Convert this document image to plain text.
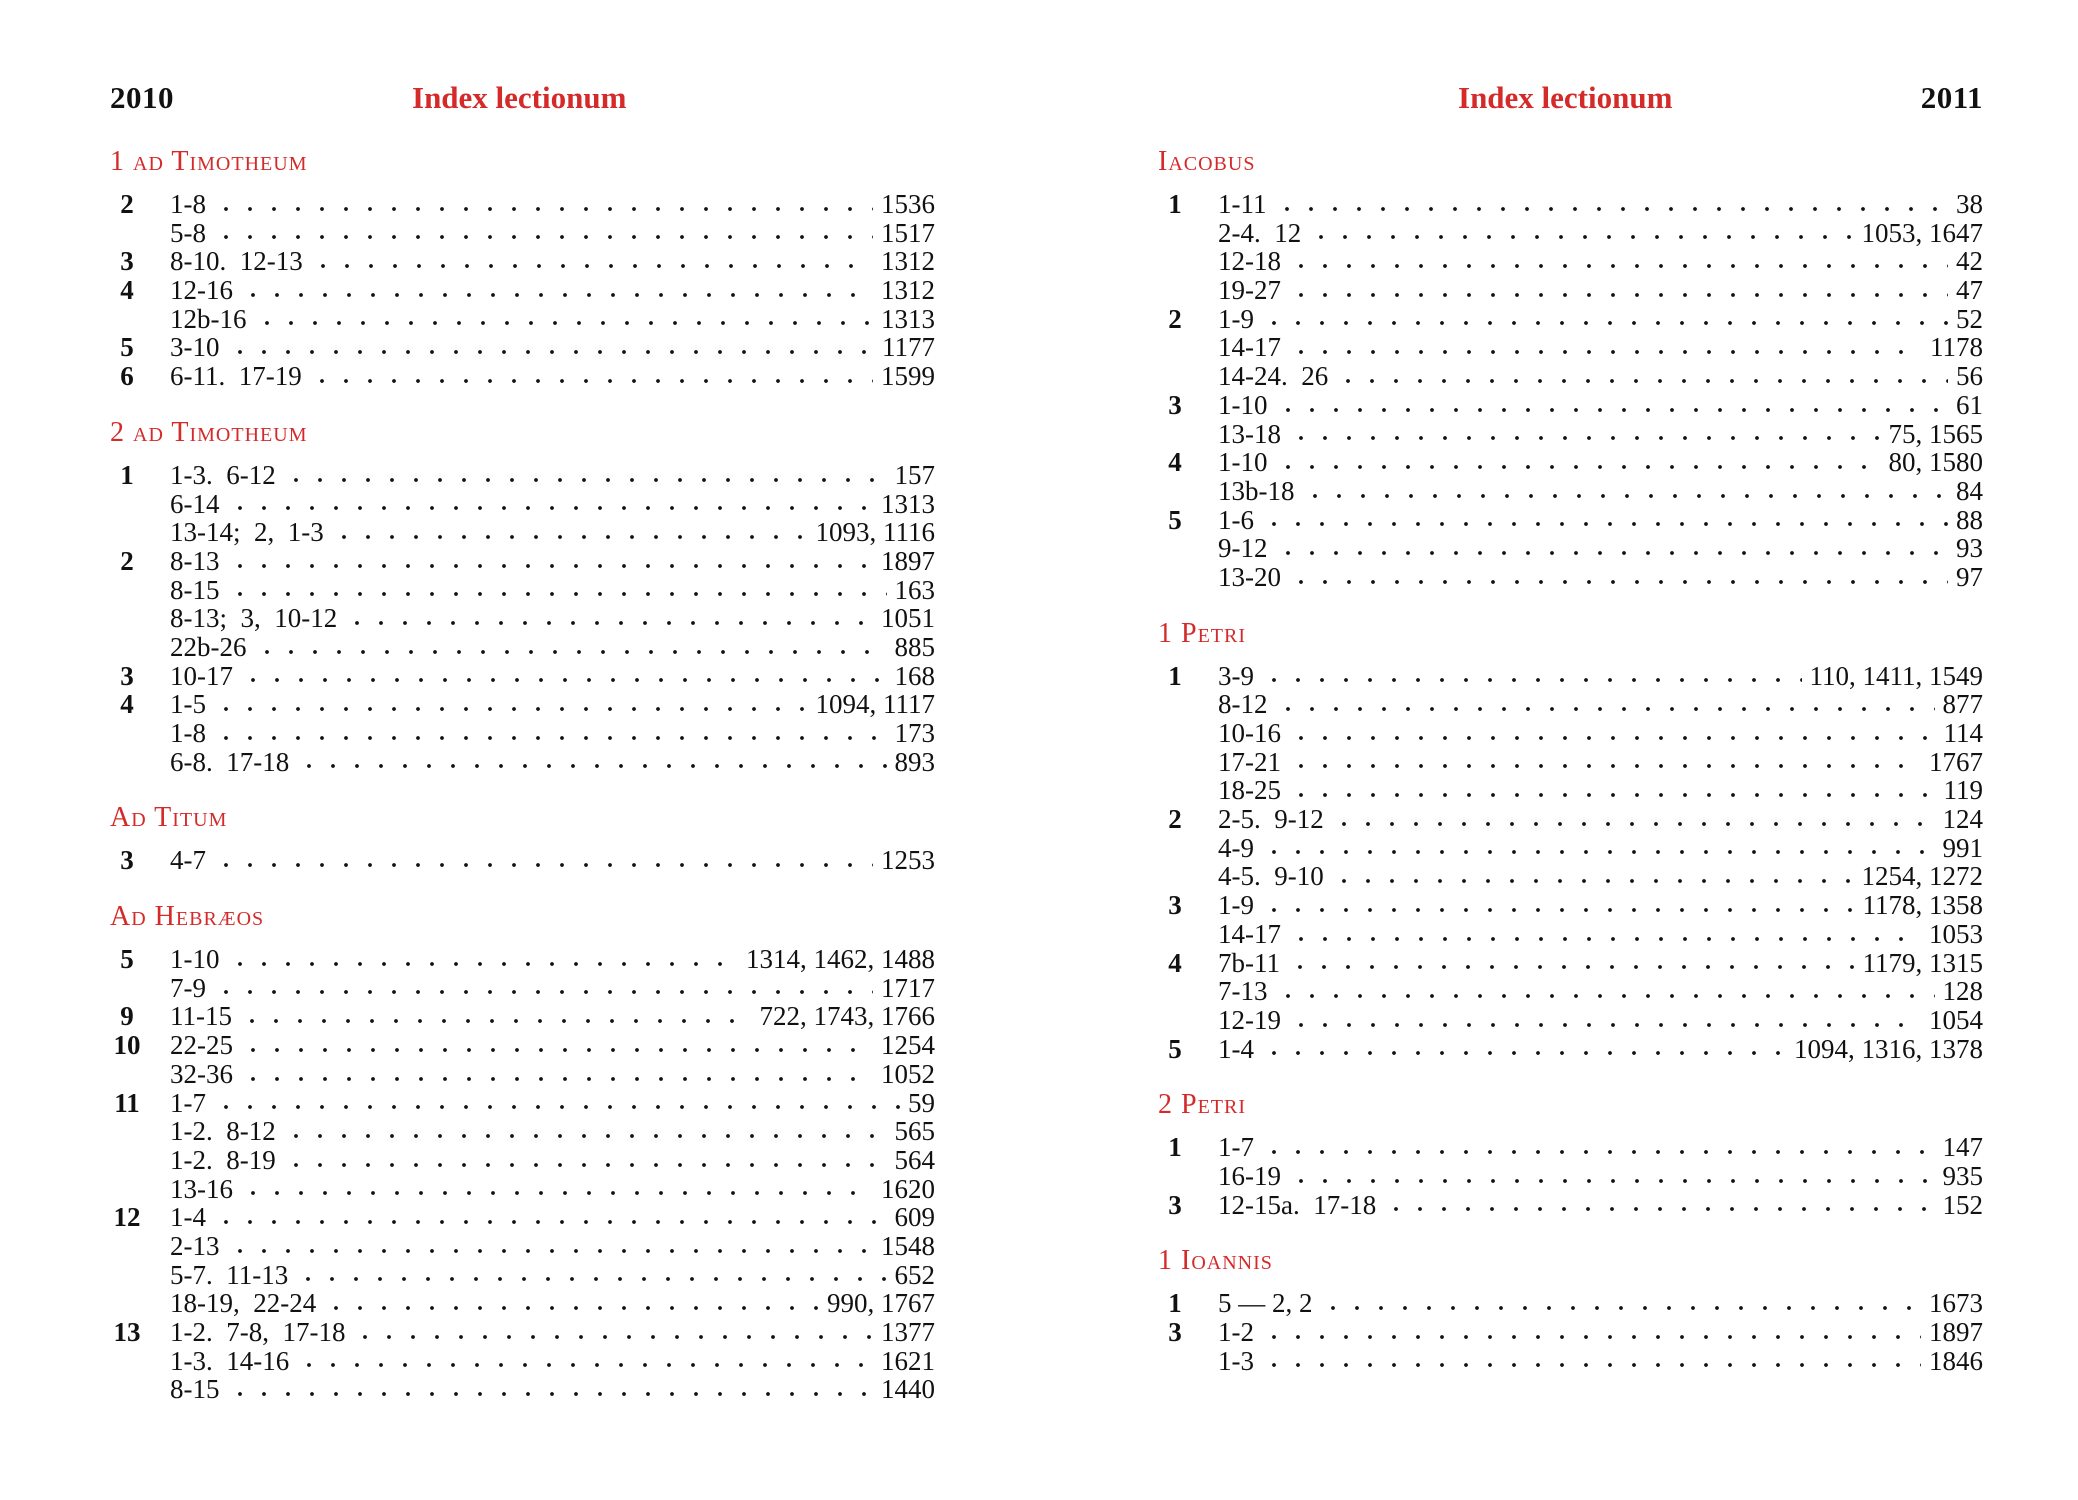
2010	Index lectionum
1 ad Timotheum
2	1-8	1536
5-8	1517
3	8-10.  12-13	1312
4	12-16	1312
12b-16	1313
5	3-10	1177
6	6-11.  17-19	1599
2 ad Timotheum
1	1-3.  6-12	157
6-14	1313
13-14;  2,  1-3	1093, 1116
2	8-13	1897
8-15	163
8-13;  3,  10-12	1051
22b-26	885
3	10-17	168
4	1-5	1094, 1117
1-8	173
6-8.  17-18	893
Ad Titum
3	4-7	1253
Ad Hebræos
5	1-10	1314, 1462, 1488
7-9	1717
9	11-15	722, 1743, 1766
10 22-25	1254
32-36	1052
11 1-7	59
1-2.  8-12	565
1-2.  8-19	564
13-16	1620
12 1-4	609
2-13	1548
5-7.  11-13	652
18-19,  22-24	990, 1767
13 1-2.  7-8,  17-18	1377
1-3.  14-16	1621
8-15	1440
Index lectionum	2011
Iacobus
1	1-11	38
2-4.  12	1053, 1647
12-18	42
19-27	47
2	1-9	52
14-17	1178
14-24.  26	56
3	1-10	61
13-18	75, 1565
4	1-10	80, 1580
13b-18	84
5	1-6	88
9-12	93
13-20	97
1 Petri
1	3-9	110, 1411, 1549
8-12	877
10-16	114
17-21	1767
18-25	119
2	2-5.  9-12	124
4-9	991
4-5.  9-10	1254, 1272
3	1-9	1178, 1358
14-17	1053
4	7b-11	1179, 1315
7-13	128
12-19	1054
5	1-4	1094, 1316, 1378
2 Petri
1	1-7	147
16-19	935
3	12-15a.  17-18	152
1 Ioannis
1	5 — 2, 2	1673
3	1-2	1897
1-3	1846
